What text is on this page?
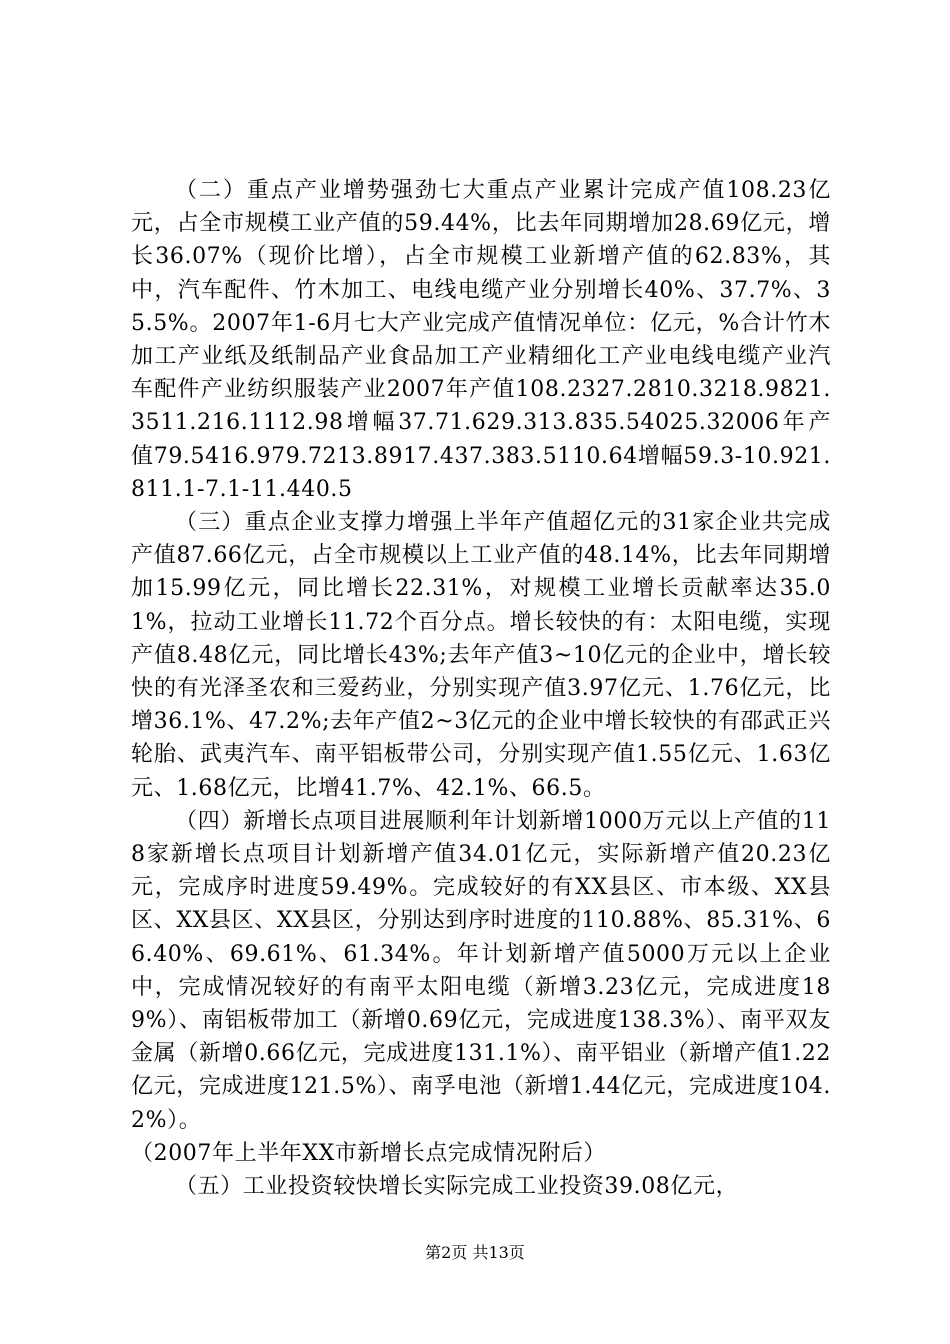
（二）重点产业增势强劲七大重点产业累计完成产值108.23亿元，占全市规模工业产值的59.44%，比去年同期增加28.69亿元，增长36.07%（现价比增），占全市规模工业新增产值的62.83%，其中，汽车配件、竹木加工、电线电缆产业分别增长40%、37.7%、35.5%。2007年1-6月七大产业完成产值情况单位：亿元，%合计竹木加工产业纸及纸制品产业食品加工产业精细化工产业电线电缆产业汽车配件产业纺织服装产业2007年产值108.2327.2810.3218.9821.3511.216.1112.98增幅37.71.629.313.835.54025.32006年产值79.5416.979.7213.8917.437.383.5110.64增幅59.3-10.921.811.1-7.1-11.440.5

（三）重点企业支撑力增强上半年产值超亿元的31家企业共完成产值87.66亿元，占全市规模以上工业产值的48.14%，比去年同期增加15.99亿元，同比增长22.31%，对规模工业增长贡献率达35.01%，拉动工业增长11.72个百分点。增长较快的有：太阳电缆，实现产值8.48亿元，同比增长43%;去年产值3~10亿元的企业中，增长较快的有光泽圣农和三爱药业，分别实现产值3.97亿元、1.76亿元，比增36.1%、47.2%;去年产值2~3亿元的企业中增长较快的有邵武正兴轮胎、武夷汽车、南平铝板带公司，分别实现产值1.55亿元、1.63亿元、1.68亿元，比增41.7%、42.1%、66.5。

（四）新增长点项目进展顺利年计划新增1000万元以上产值的118家新增长点项目计划新增产值34.01亿元，实际新增产值20.23亿元，完成序时进度59.49%。完成较好的有XX县区、市本级、XX县区、XX县区、XX县区，分别达到序时进度的110.88%、85.31%、66.40%、69.61%、61.34%。年计划新增产值5000万元以上企业中，完成情况较好的有南平太阳电缆（新增3.23亿元，完成进度189%）、南铝板带加工（新增0.69亿元，完成进度138.3%）、南平双友金属（新增0.66亿元，完成进度131.1%）、南平铝业（新增产值1.22亿元，完成进度121.5%）、南孚电池（新增1.44亿元，完成进度104.2%）。

（2007年上半年XX市新增长点完成情况附后）

（五）工业投资较快增长实际完成工业投资39.08亿元，

第2页 共13页
